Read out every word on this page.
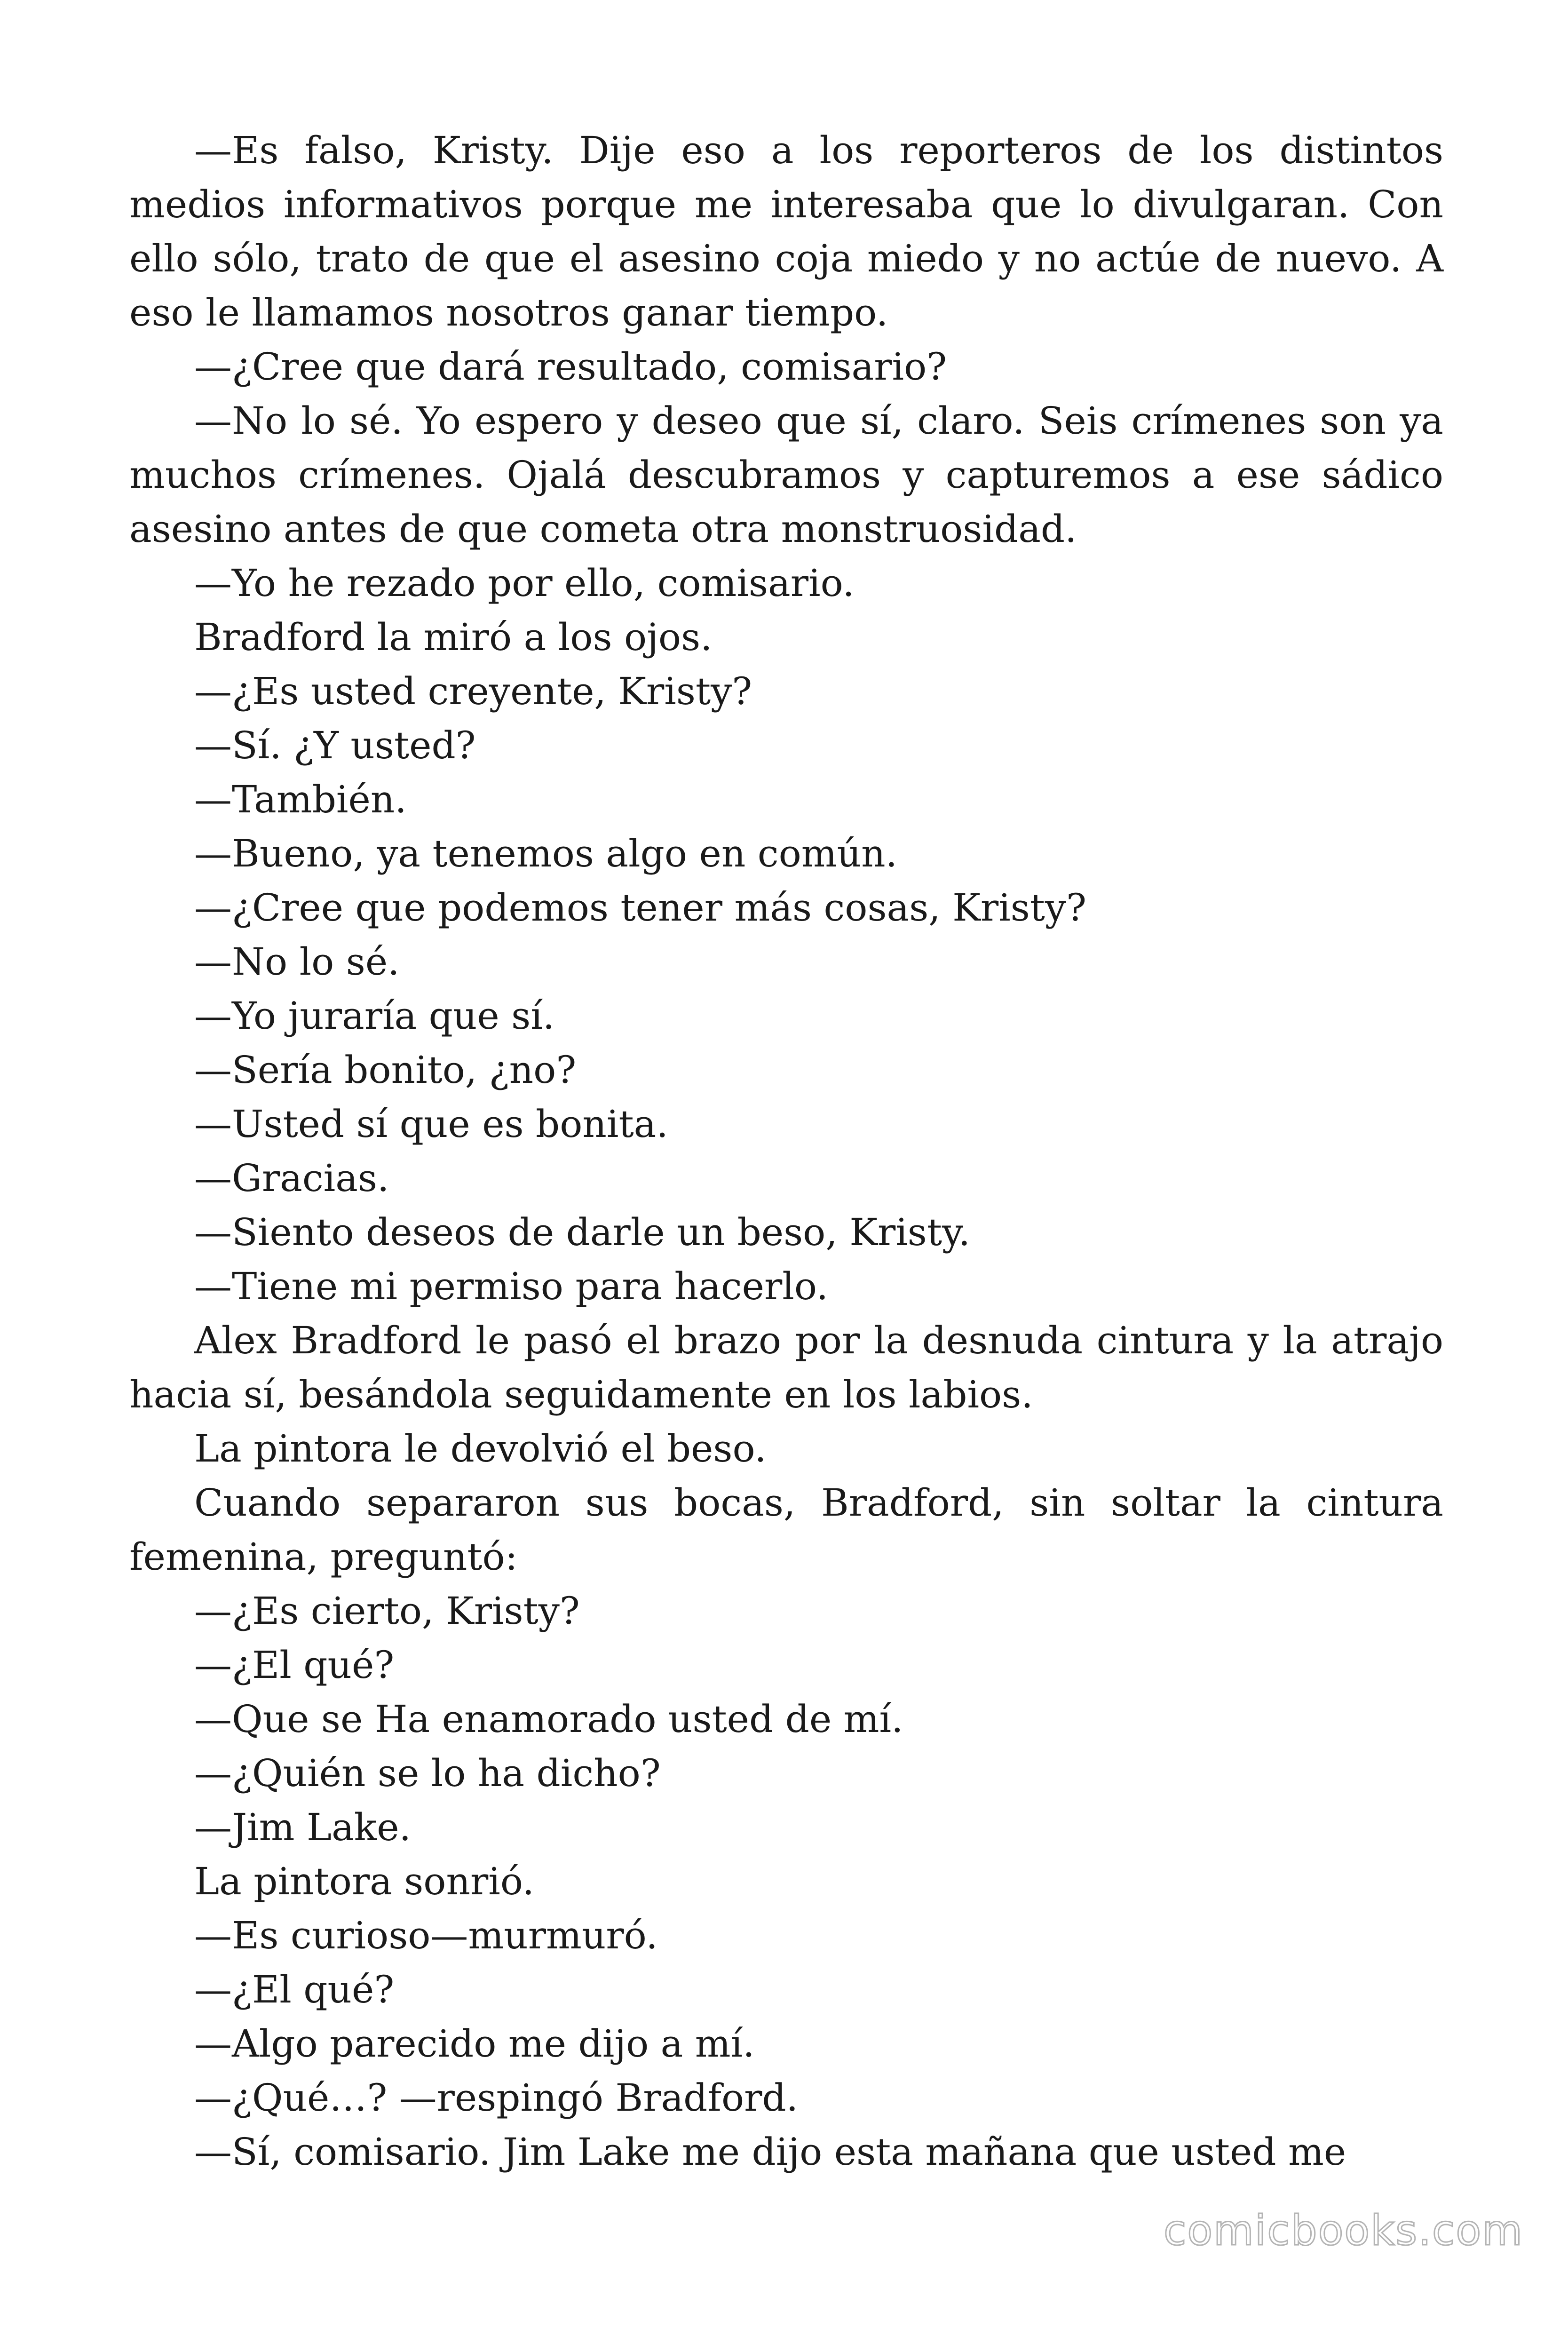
—Es falso, Kristy. Dije eso a los reporteros de los distintos medios informativos porque me interesaba que lo divulgaran. Con ello sólo, trato de que el asesino coja miedo y no actúe de nuevo. A eso le llamamos nosotros ganar tiempo.

—¿Cree que dará resultado, comisario?

—No lo sé. Yo espero y deseo que sí, claro. Seis crímenes son ya muchos crímenes. Ojalá descubramos y capturemos a ese sádico asesino antes de que cometa otra monstruosidad.

—Yo he rezado por ello, comisario.

Bradford la miró a los ojos.

—¿Es usted creyente, Kristy?

—Sí. ¿Y usted?

—También.

—Bueno, ya tenemos algo en común.

—¿Cree que podemos tener más cosas, Kristy?

—No lo sé.

—Yo juraría que sí.

—Sería bonito, ¿no?

—Usted sí que es bonita.

—Gracias.

—Siento deseos de darle un beso, Kristy.

—Tiene mi permiso para hacerlo.

Alex Bradford le pasó el brazo por la desnuda cintura y la atrajo hacia sí, besándola seguidamente en los labios.

La pintora le devolvió el beso.

Cuando separaron sus bocas, Bradford, sin soltar la cintura femenina, preguntó:

—¿Es cierto, Kristy?

—¿El qué?

—Que se Ha enamorado usted de mí.

—¿Quién se lo ha dicho?

—Jim Lake.

La pintora sonrió.

—Es curioso—murmuró.

—¿El qué?

—Algo parecido me dijo a mí.

—¿Qué…? —respingó Bradford.

—Sí, comisario. Jim Lake me dijo esta mañana que usted me

comicbooks.com
